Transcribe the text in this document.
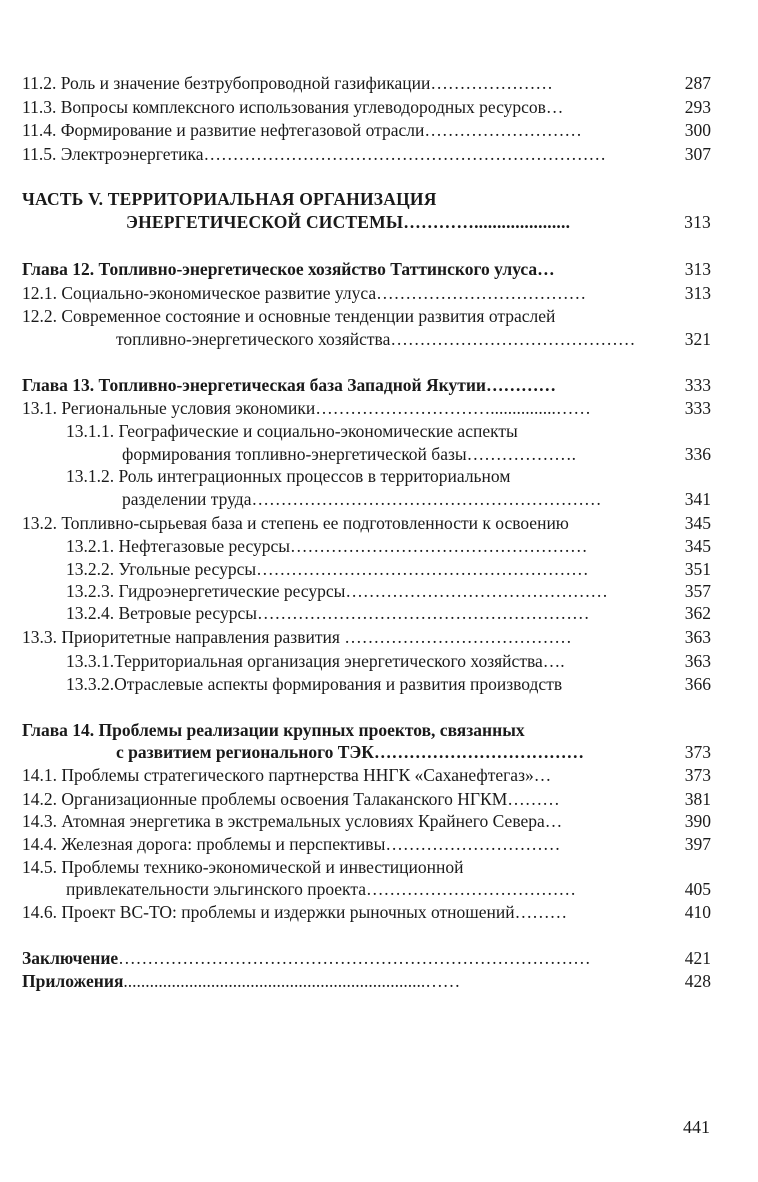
11.2. Роль и значение безтрубопроводной газификации…………………	287
11.3. Вопросы комплексного использования углеводородных ресурсов…	293
11.4. Формирование и развитие нефтегазовой отрасли………………………	300
11.5. Электроэнергетика……………………………………………………………	307
ЧАСТЬ V. ТЕРРИТОРИАЛЬНАЯ ОРГАНИЗАЦИЯ
ЭНЕРГЕТИЧЕСКОЙ СИСТЕМЫ………….....................	313
Глава 12. Топливно-энергетическое хозяйство Таттинского улуса…	313
12.1. Социально-экономическое развитие улуса………………………………	313
12.2. Современное состояние и основные тенденции развития отраслей
топливно-энергетического хозяйства……………………………………	321
Глава 13. Топливно-энергетическая база Западной Якутии…………	333
13.1. Региональные условия экономики…………………………...............……	333
13.1.1. Географические и социально-экономические аспекты
формирования топливно-энергетической базы……………….	336
13.1.2. Роль интеграционных процессов в территориальном
разделении труда……………………………………………………	341
13.2. Топливно-сырьевая база и степень ее подготовленности к освоению	345
13.2.1. Нефтегазовые ресурсы……………………………………………	345
13.2.2. Угольные ресурсы…………………………………………………	351
13.2.3. Гидроэнергетические ресурсы………………………………………	357
13.2.4. Ветровые ресурсы…………………………………………………	362
13.3. Приоритетные направления развития …………………………………	363
13.3.1.Территориальная организация энергетического хозяйства….	363
13.3.2.Отраслевые аспекты формирования и развития производств	366
Глава 14. Проблемы реализации крупных проектов, связанных
с развитием регионального ТЭК………………………………	373
14.1. Проблемы стратегического партнерства ННГК «Саханефтегаз»…	373
14.2. Организационные проблемы освоения Талаканского НГКМ………	381
14.3. Атомная энергетика в экстремальных условиях Крайнего Севера…	390
14.4. Железная дорога: проблемы и перспективы…………………………	397
14.5. Проблемы технико-экономической и инвестиционной
привлекательности эльгинского проекта………………………………	405
14.6. Проект ВС-ТО: проблемы и издержки рыночных отношений………	410
Заключение………………………………………………………………………	421
Приложения.....................................................................……	428
441
